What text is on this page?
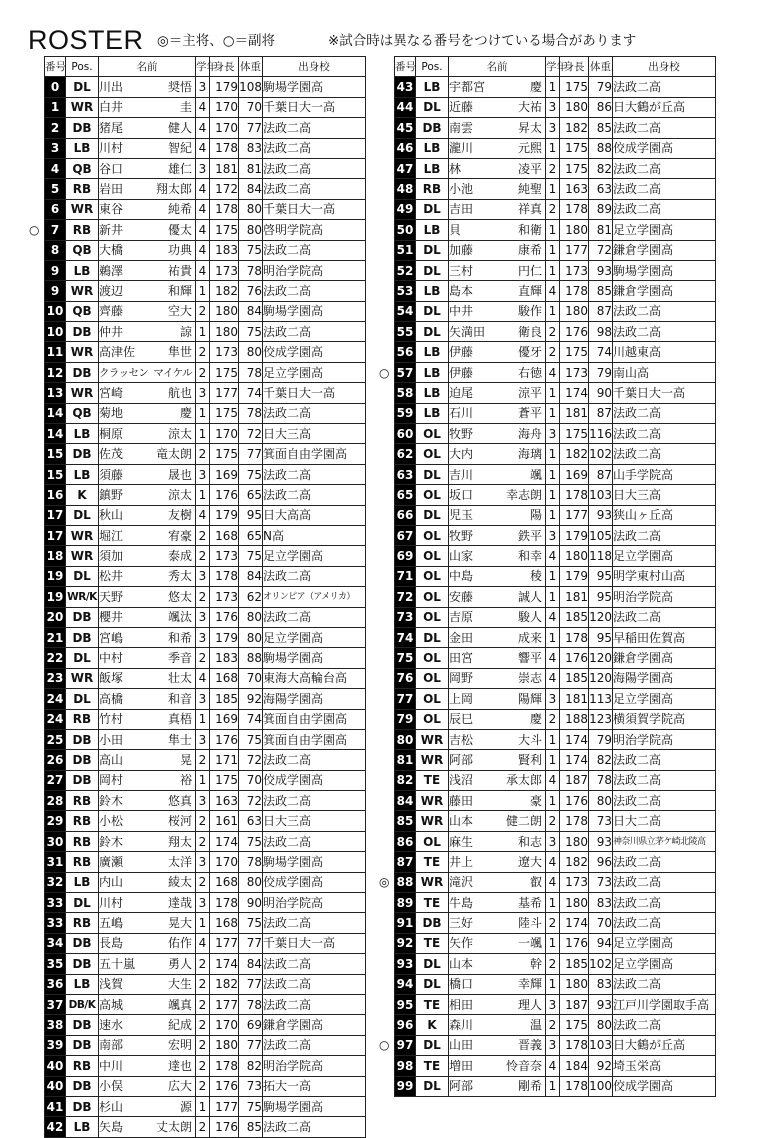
ROSTER ◎＝主将、○＝副将	※試合時は異なる番号をつけている場合があります
○
○
◎
○
番号	Pos.	名前	学年	身長	体重	出身校
0	DL	川出 奨悟	3	179	108	駒場学園高
1	WR	白井 圭	4	170	70	千葉日大一高
2	DB	猪尾 健人	4	170	77	法政二高
3	LB	川村 智紀	4	178	83	法政二高
4	QB	谷口 雄仁	3	181	81	法政二高
5	RB	岩田 翔太郎	4	172	84	法政二高
6	WR	東谷 純希	4	178	80	千葉日大一高
7	RB	新井 優太	4	175	80	啓明学院高
8	QB	大橋 功典	4	183	75	法政二高
9	LB	鵜澤 祐貴	4	173	78	明治学院高
9	WR	渡辺 和輝	1	182	76	法政二高
10	QB	齊藤 空大	2	180	84	駒場学園高
10	DB	仲井 諒	1	180	75	法政二高
11	WR	高津佐 隼世	2	173	80	佼成学園高
12	DB	クラッセン マイケル	2	175	78	足立学園高
13	WR	宮崎 航也	3	177	74	千葉日大一高
14	QB	菊地 慶	1	175	78	法政二高
14	LB	桐原 涼太	1	170	72	日大三高
15	DB	佐茂 竜太朗	2	175	77	箕面自由学園高
15	LB	須藤 晟也	3	169	75	法政二高
16	K	鎮野 涼太	1	176	65	法政二高
17	DL	秋山 友樹	4	179	95	日大高高
17	WR	堀江 宥豪	2	168	65	N高
18	WR	須加 泰成	2	173	75	足立学園高
19	DL	松井 秀太	3	178	84	法政二高
19	WR/K	天野 悠太	2	173	62	オリンピア（アメリカ）
20	DB	櫻井 颯汰	3	176	80	法政二高
21	DB	宮嶋 和希	3	179	80	足立学園高
22	DL	中村 季音	2	183	88	駒場学園高
23	WR	飯塚 壮太	4	168	70	東海大高輪台高
24	DL	高橋 和音	3	185	92	海陽学園高
24	RB	竹村 真梧	1	169	74	箕面自由学園高
25	DB	小田 隼士	3	176	75	箕面自由学園高
26	DB	高山 晃	2	171	72	法政二高
27	DB	岡村 裕	1	175	70	佼成学園高
28	RB	鈴木 悠真	3	163	72	法政二高
29	RB	小松 桜河	2	161	63	日大三高
30	RB	鈴木 翔太	2	174	75	法政二高
31	RB	廣瀬 太洋	3	170	78	駒場学園高
32	LB	内山 綾太	2	168	80	佼成学園高
33	DL	川村 達哉	3	178	90	明治学院高
33	RB	五嶋 晃大	1	168	75	法政二高
34	DB	長島 佑作	4	177	77	千葉日大一高
35	DB	五十嵐 勇人	2	174	84	法政二高
36	LB	浅賀 大生	2	182	77	法政二高
37	DB/K	高城 颯真	2	177	78	法政二高
38	DB	速水 紀成	2	170	69	鎌倉学園高
39	DB	南部 宏明	2	180	77	法政二高
40	RB	中川 達也	2	178	82	明治学院高
40	DB	小俣 広大	2	176	73	拓大一高
41	DB	杉山 源	1	177	75	駒場学園高
42	LB	矢島 丈太朗	2	176	85	法政二高
番号	Pos.	名前	学年	身長	体重	出身校
43	LB	宇都宮 慶	1	175	79	法政二高
44	DL	近藤 大祐	3	180	86	日大鶴が丘高
45	DB	南雲 昇太	3	182	85	法政二高
46	LB	瀧川 元熙	1	175	88	佼成学園高
47	LB	林 凌平	2	175	82	法政二高
48	RB	小池 純聖	1	163	63	法政二高
49	DL	吉田 祥真	2	178	89	法政二高
50	LB	貝 和衛	1	180	81	足立学園高
51	DL	加藤 康希	1	177	72	鎌倉学園高
52	DL	三村 円仁	1	173	93	駒場学園高
53	LB	島本 直輝	4	178	85	鎌倉学園高
54	DL	中井 駿作	1	180	87	法政二高
55	DL	矢満田 衛良	2	176	98	法政二高
56	LB	伊藤 優牙	2	175	74	川越東高
57	LB	伊藤 右徳	4	173	79	南山高
58	LB	迫尾 涼平	1	174	90	千葉日大一高
59	LB	石川 蒼平	1	181	87	法政二高
60	OL	牧野 海舟	3	175	116	法政二高
62	OL	大内 海璃	1	182	102	法政二高
63	DL	吉川 颯	1	169	87	山手学院高
65	OL	坂口 幸志朗	1	178	103	日大三高
66	DL	児玉 陽	1	177	93	狭山ヶ丘高
67	OL	牧野 鉄平	3	179	105	法政二高
69	OL	山家 和幸	4	180	118	足立学園高
71	OL	中島 稜	1	179	95	明学東村山高
72	OL	安藤 誠人	1	181	95	明治学院高
73	OL	吉原 駿人	4	185	120	法政二高
74	DL	金田 成来	1	178	95	早稲田佐賀高
75	OL	田宮 響平	4	176	120	鎌倉学園高
76	OL	岡野 崇志	4	185	120	海陽学園高
77	OL	上岡 陽輝	3	181	113	足立学園高
79	OL	辰巳 慶	2	188	123	横須賀学院高
80	WR	吉松 大斗	1	174	79	明治学院高
81	WR	阿部 賢利	1	174	82	法政二高
82	TE	浅沼 承太郎	4	187	78	法政二高
84	WR	藤田 豪	1	176	80	法政二高
85	WR	山本 健二朗	2	178	73	日大二高
86	OL	麻生 和志	3	180	93	神奈川県立茅ケ崎北陵高
87	TE	井上 遼大	4	182	96	法政二高
88	WR	滝沢 叡	4	173	73	法政二高
89	TE	牛島 基希	1	180	83	法政二高
91	DB	三好 陸斗	2	174	70	法政二高
92	TE	矢作 一颯	1	176	94	足立学園高
93	DL	山本 幹	2	185	102	足立学園高
94	DL	橋口 幸輝	1	180	83	法政二高
95	TE	相田 理人	3	187	93	江戸川学園取手高
96	K	森川 温	2	175	80	法政二高
97	DL	山田 晋義	3	178	103	日大鶴が丘高
98	TE	増田 怜音奈	4	184	92	埼玉栄高
99	DL	阿部 剛希	1	178	100	佼成学園高
